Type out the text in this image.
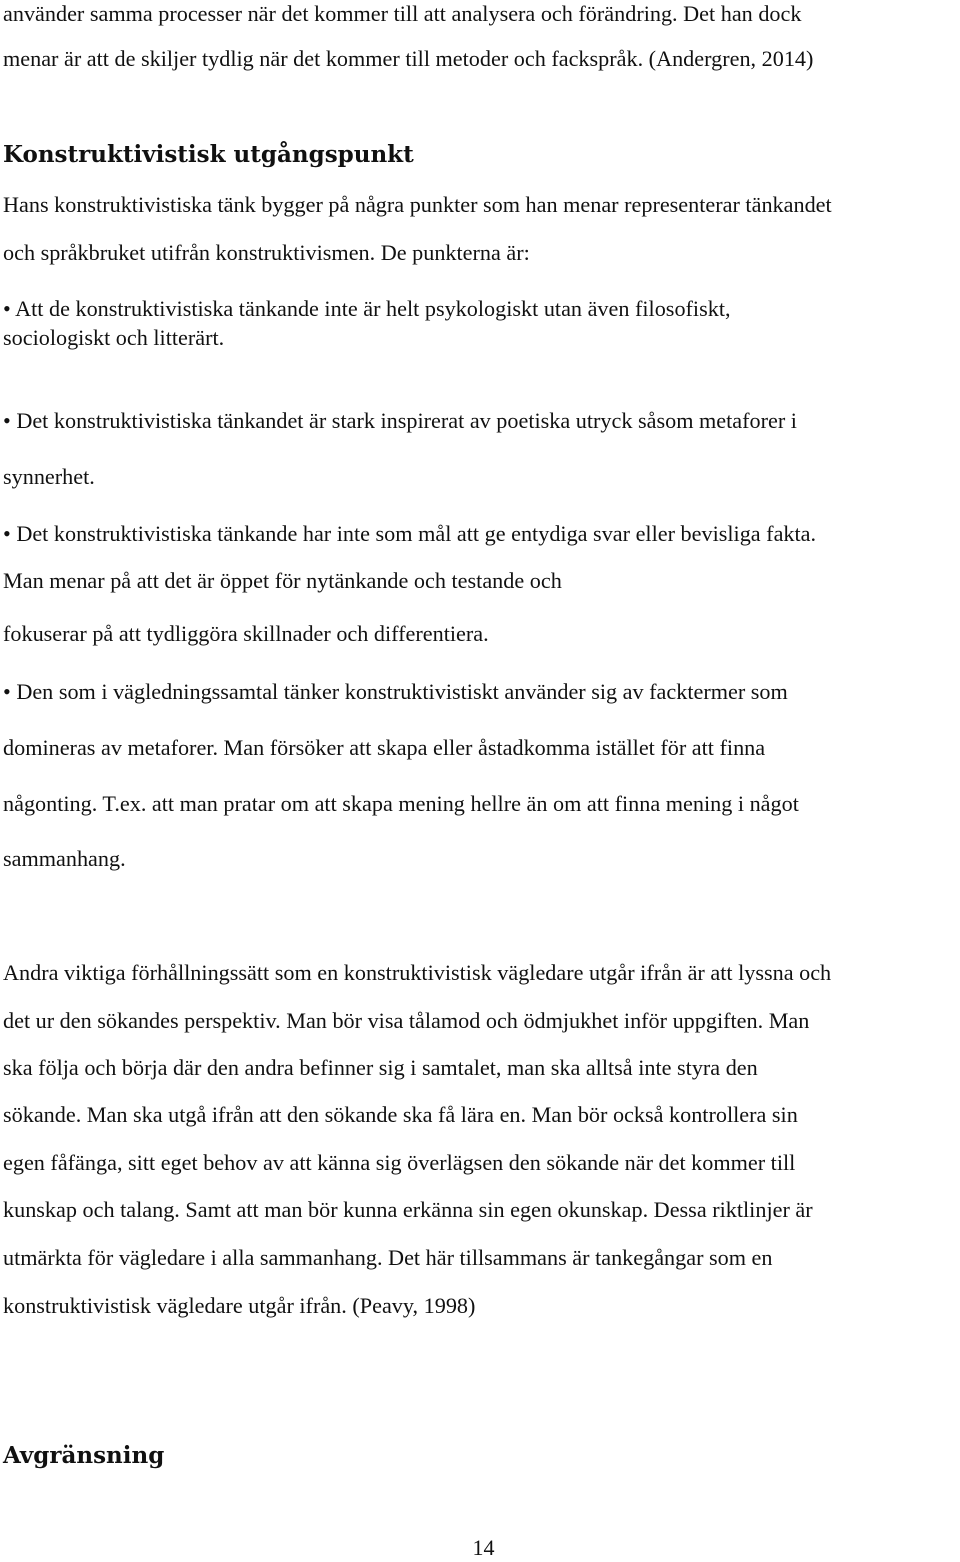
använder samma processer när det kommer till att analysera och förändring. Det han dock
menar är att de skiljer tydlig när det kommer till metoder och fackspråk. (Andergren, 2014)
Konstruktivistisk utgångspunkt
Hans konstruktivistiska tänk bygger på några punkter som han menar representerar tänkandet
och språkbruket utifrån konstruktivismen. De punkterna är:
• Att de konstruktivistiska tänkande inte är helt psykologiskt utan även filosofiskt,
sociologiskt och litterärt.
• Det konstruktivistiska tänkandet är stark inspirerat av poetiska utryck såsom metaforer i
synnerhet.
• Det konstruktivistiska tänkande har inte som mål att ge entydiga svar eller bevisliga fakta.
Man menar på att det är öppet för nytänkande och testande och
fokuserar på att tydliggöra skillnader och differentiera.
• Den som i vägledningssamtal tänker konstruktivistiskt använder sig av facktermer som
domineras av metaforer. Man försöker att skapa eller åstadkomma istället för att finna
någonting. T.ex. att man pratar om att skapa mening hellre än om att finna mening i något
sammanhang.
Andra viktiga förhållningssätt som en konstruktivistisk vägledare utgår ifrån är att lyssna och
det ur den sökandes perspektiv. Man bör visa tålamod och ödmjukhet inför uppgiften. Man
ska följa och börja där den andra befinner sig i samtalet, man ska alltså inte styra den
sökande. Man ska utgå ifrån att den sökande ska få lära en. Man bör också kontrollera sin
egen fåfänga, sitt eget behov av att känna sig överlägsen den sökande när det kommer till
kunskap och talang. Samt att man bör kunna erkänna sin egen okunskap. Dessa riktlinjer är
utmärkta för vägledare i alla sammanhang. Det här tillsammans är tankegångar som en
konstruktivistisk vägledare utgår ifrån. (Peavy, 1998)
Avgränsning
14
